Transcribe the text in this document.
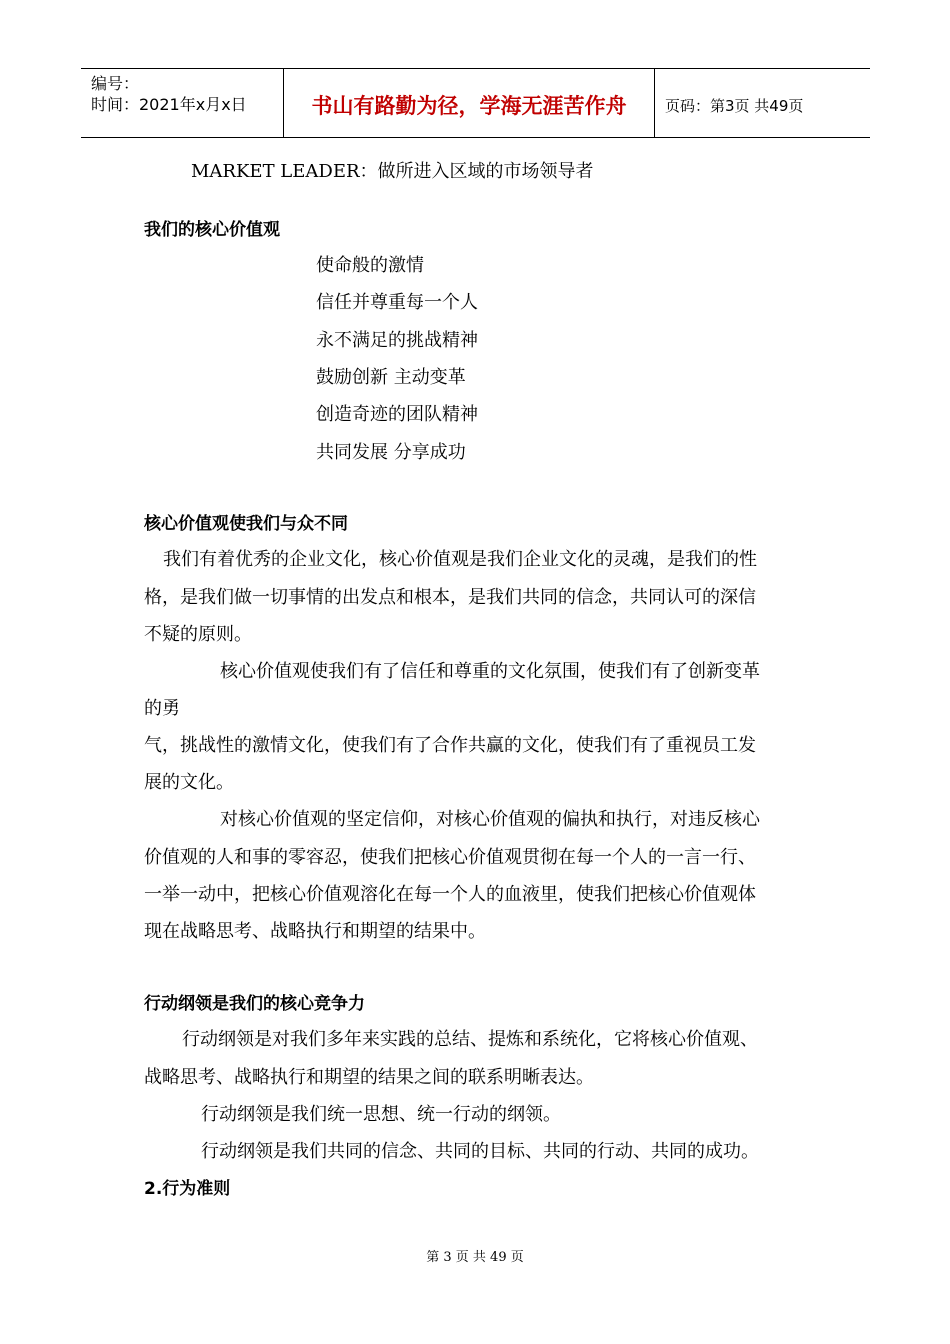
编号：
时间：2021年x月x日	书山有路勤为径，学海无涯苦作舟	页码：第3页 共49页
MARKET LEADER：做所进入区域的市场领导者
我们的核心价值观
使命般的激情
信任并尊重每一个人
永不满足的挑战精神
鼓励创新 主动变革
创造奇迹的团队精神
共同发展 分享成功
核心价值观使我们与众不同
我们有着优秀的企业文化，核心价值观是我们企业文化的灵魂，是我们的性
格，是我们做一切事情的出发点和根本，是我们共同的信念，共同认可的深信
不疑的原则。
核心价值观使我们有了信任和尊重的文化氛围，使我们有了创新变革
的勇
气，挑战性的激情文化，使我们有了合作共赢的文化，使我们有了重视员工发
展的文化。
对核心价值观的坚定信仰，对核心价值观的偏执和执行，对违反核心
价值观的人和事的零容忍，使我们把核心价值观贯彻在每一个人的一言一行、
一举一动中，把核心价值观溶化在每一个人的血液里，使我们把核心价值观体
现在战略思考、战略执行和期望的结果中。
行动纲领是我们的核心竞争力
行动纲领是对我们多年来实践的总结、提炼和系统化，它将核心价值观、
战略思考、战略执行和期望的结果之间的联系明晰表达。
行动纲领是我们统一思想、统一行动的纲领。
行动纲领是我们共同的信念、共同的目标、共同的行动、共同的成功。
2.行为准则
第 3 页 共 49 页
